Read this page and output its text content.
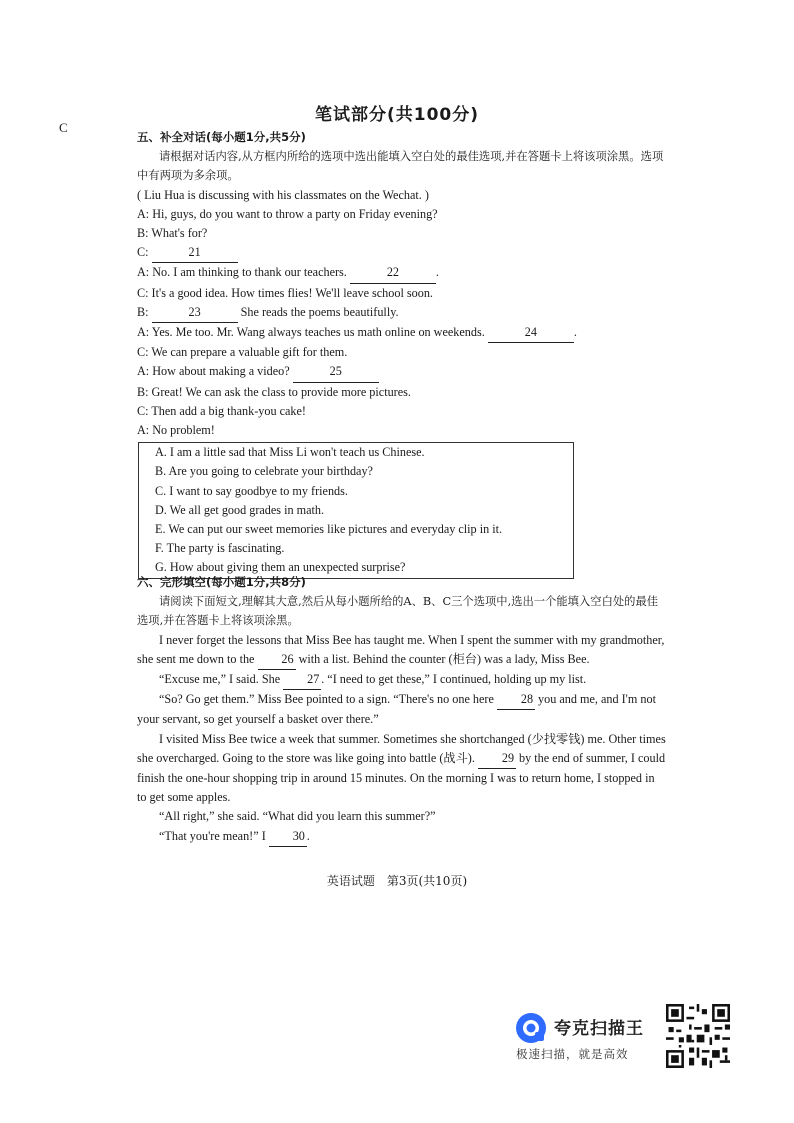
C
笔试部分(共100分)
五、补全对话(每小题1分,共5分)
请根据对话内容,从方框内所给的选项中选出能填入空白处的最佳选项,并在答题卡上将该项涂黑。选项中有两项为多余项。
( Liu Hua is discussing with his classmates on the Wechat. )
A: Hi, guys, do you want to throw a party on Friday evening?
B: What's for?
C:	21
A: No. I am thinking to thank our teachers.	22	.
C: It's a good idea. How times flies! We'll leave school soon.
B:	23	She reads the poems beautifully.
A: Yes. Me too. Mr. Wang always teaches us math online on weekends.	24	.
C: We can prepare a valuable gift for them.
A: How about making a video?	25
B: Great! We can ask the class to provide more pictures.
C: Then add a big thank-you cake!
A: No problem!
A. I am a little sad that Miss Li won't teach us Chinese.
B. Are you going to celebrate your birthday?
C. I want to say goodbye to my friends.
D. We all get good grades in math.
E. We can put our sweet memories like pictures and everyday clip in it.
F. The party is fascinating.
G. How about giving them an unexpected surprise?
六、完形填空(每小题1分,共8分)
请阅读下面短文,理解其大意,然后从每小题所给的A、B、C三个选项中,选出一个能填入空白处的最佳选项,并在答题卡上将该项涂黑。
I never forget the lessons that Miss Bee has taught me. When I spent the summer with my grandmother, she sent me down to the 26 with a list. Behind the counter (柜台) was a lady, Miss Bee.
“Excuse me,” I said. She 27 . “I need to get these,” I continued, holding up my list.
“So? Go get them.” Miss Bee pointed to a sign. “There's no one here 28 you and me, and I'm not your servant, so get yourself a basket over there.”
I visited Miss Bee twice a week that summer. Sometimes she shortchanged (少找零钱) me. Other times she overcharged. Going to the store was like going into battle (战斗). 29 by the end of summer, I could finish the one-hour shopping trip in around 15 minutes. On the morning I was to return home, I stopped in to get some apples.
“All right,” she said. “What did you learn this summer?”
“That you're mean!” I 30 .
英语试题　第3页(共10页)
夸克扫描王
极速扫描，就是高效
